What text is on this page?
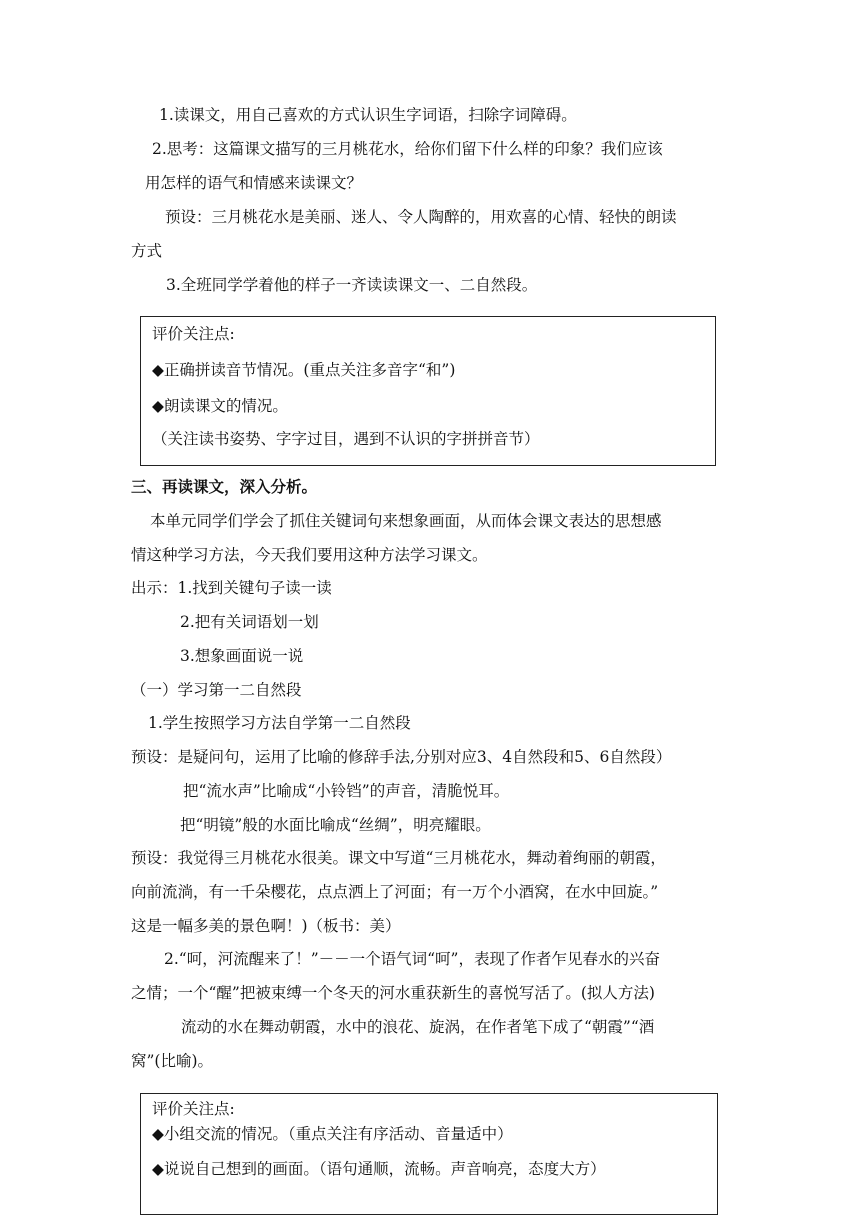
1.读课文，用自己喜欢的方式认识生字词语，扫除字词障碍。
2.思考：这篇课文描写的三月桃花水，给你们留下什么样的印象？我们应该
用怎样的语气和情感来读课文？
预设：三月桃花水是美丽、迷人、令人陶醉的，用欢喜的心情、轻快的朗读
方式
3.全班同学学着他的样子一齐读读课文一、二自然段。
评价关注点:
◆正确拼读音节情况。(重点关注多音字“和”)
◆朗读课文的情况。
（关注读书姿势、字字过目，遇到不认识的字拼拼音节）
三、再读课文，深入分析。
本单元同学们学会了抓住关键词句来想象画面，从而体会课文表达的思想感
情这种学习方法，今天我们要用这种方法学习课文。
出示：1.找到关键句子读一读
2.把有关词语划一划
3.想象画面说一说
（一）学习第一二自然段
1.学生按照学习方法自学第一二自然段
预设：是疑问句，运用了比喻的修辞手法,分别对应3、4自然段和5、6自然段）
把“流水声”比喻成“小铃铛”的声音，清脆悦耳。
把“明镜”般的水面比喻成“丝绸”，明亮耀眼。
预设：我觉得三月桃花水很美。课文中写道“三月桃花水，舞动着绚丽的朝霞，
向前流淌，有一千朵樱花，点点洒上了河面；有一万个小酒窝，在水中回旋。”
这是一幅多美的景色啊！)（板书：美）
2.“呵，河流醒来了！”－－一个语气词“呵”，表现了作者乍见春水的兴奋
之情；一个“醒”把被束缚一个冬天的河水重获新生的喜悦写活了。(拟人方法)
流动的水在舞动朝霞，水中的浪花、旋涡，在作者笔下成了“朝霞”“酒
窝”(比喻)。
评价关注点:
◆小组交流的情况。（重点关注有序活动、音量适中）
◆说说自己想到的画面。（语句通顺，流畅。声音响亮，态度大方）
